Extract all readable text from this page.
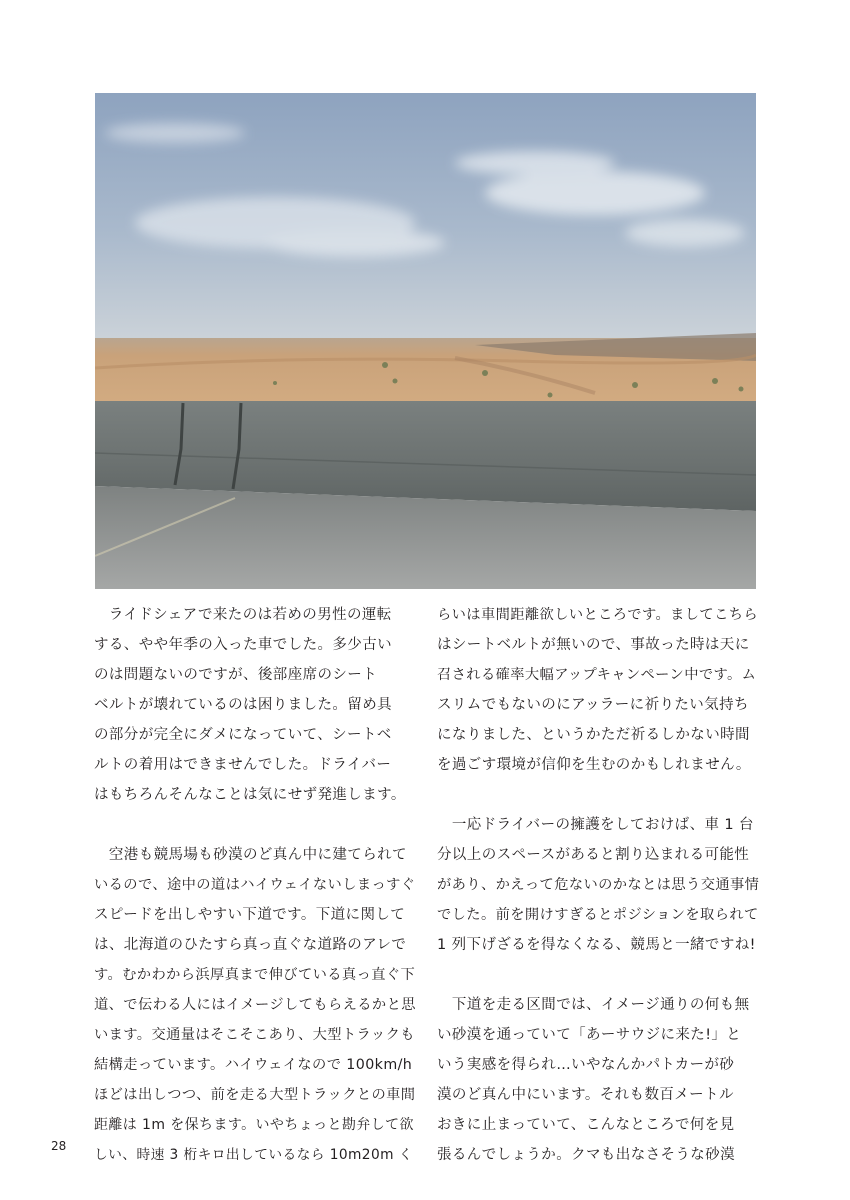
　ライドシェアで来たのは若めの男性の運転
する、やや年季の入った車でした。多少古い
のは問題ないのですが、後部座席のシート
ベルトが壊れているのは困りました。留め具
の部分が完全にダメになっていて、シートベ
ルトの着用はできませんでした。ドライバー
はもちろんそんなことは気にせず発進します。

　空港も競馬場も砂漠のど真ん中に建てられて
いるので、途中の道はハイウェイないしまっすぐ
スピードを出しやすい下道です。下道に関して
は、北海道のひたすら真っ直ぐな道路のアレで
す。むかわから浜厚真まで伸びている真っ直ぐ下
道、で伝わる人にはイメージしてもらえるかと思
います。交通量はそこそこあり、大型トラックも
結構走っています。ハイウェイなので 100km/h
ほどは出しつつ、前を走る大型トラックとの車間
距離は 1m を保ちます。いやちょっと勘弁して欲
しい、時速 3 桁キロ出しているなら 10m20m く

らいは車間距離欲しいところです。ましてこちら
はシートベルトが無いので、事故った時は天に
召される確率大幅アップキャンペーン中です。ム
スリムでもないのにアッラーに祈りたい気持ち
になりました、というかただ祈るしかない時間
を過ごす環境が信仰を生むのかもしれません。

　一応ドライバーの擁護をしておけば、車 1 台
分以上のスペースがあると割り込まれる可能性
があり、かえって危ないのかなとは思う交通事情
でした。前を開けすぎるとポジションを取られて
1 列下げざるを得なくなる、競馬と一緒ですね!

　下道を走る区間では、イメージ通りの何も無
い砂漠を通っていて「あーサウジに来た!」と
いう実感を得られ…いやなんかパトカーが砂
漠のど真ん中にいます。それも数百メートル
おきに止まっていて、こんなところで何を見
張るんでしょうか。クマも出なさそうな砂漠

28
